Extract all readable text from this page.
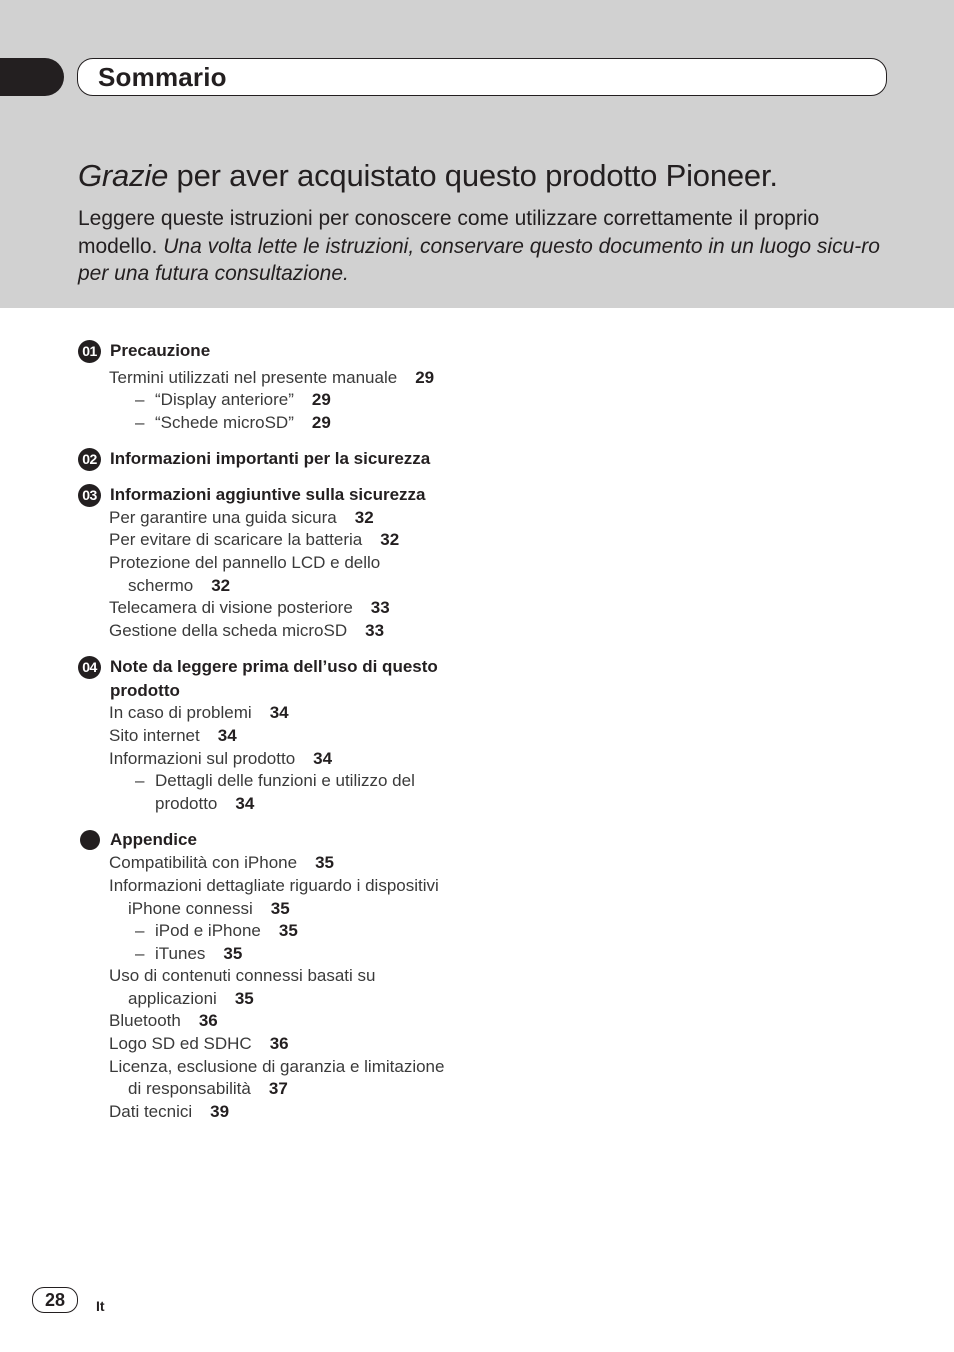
Sommario
Grazie per aver acquistato questo prodotto Pioneer.
Leggere queste istruzioni per conoscere come utilizzare correttamente il proprio modello. Una volta lette le istruzioni, conservare questo documento in un luogo sicu-ro per una futura consultazione.
01 Precauzione
Termini utilizzati nel presente manuale 29
– “Display anteriore” 29
– “Schede microSD” 29
02 Informazioni importanti per la sicurezza
03 Informazioni aggiuntive sulla sicurezza
Per garantire una guida sicura 32
Per evitare di scaricare la batteria 32
Protezione del pannello LCD e dello
schermo 32
Telecamera di visione posteriore 33
Gestione della scheda microSD 33
04 Note da leggere prima dell’uso di questo
prodotto
In caso di problemi 34
Sito internet 34
Informazioni sul prodotto 34
– Dettagli delle funzioni e utilizzo del
prodotto 34
Appendice
Compatibilità con iPhone 35
Informazioni dettagliate riguardo i dispositivi
iPhone connessi 35
– iPod e iPhone 35
– iTunes 35
Uso di contenuti connessi basati su
applicazioni 35
Bluetooth 36
Logo SD ed SDHC 36
Licenza, esclusione di garanzia e limitazione
di responsabilità 37
Dati tecnici 39
28	It
